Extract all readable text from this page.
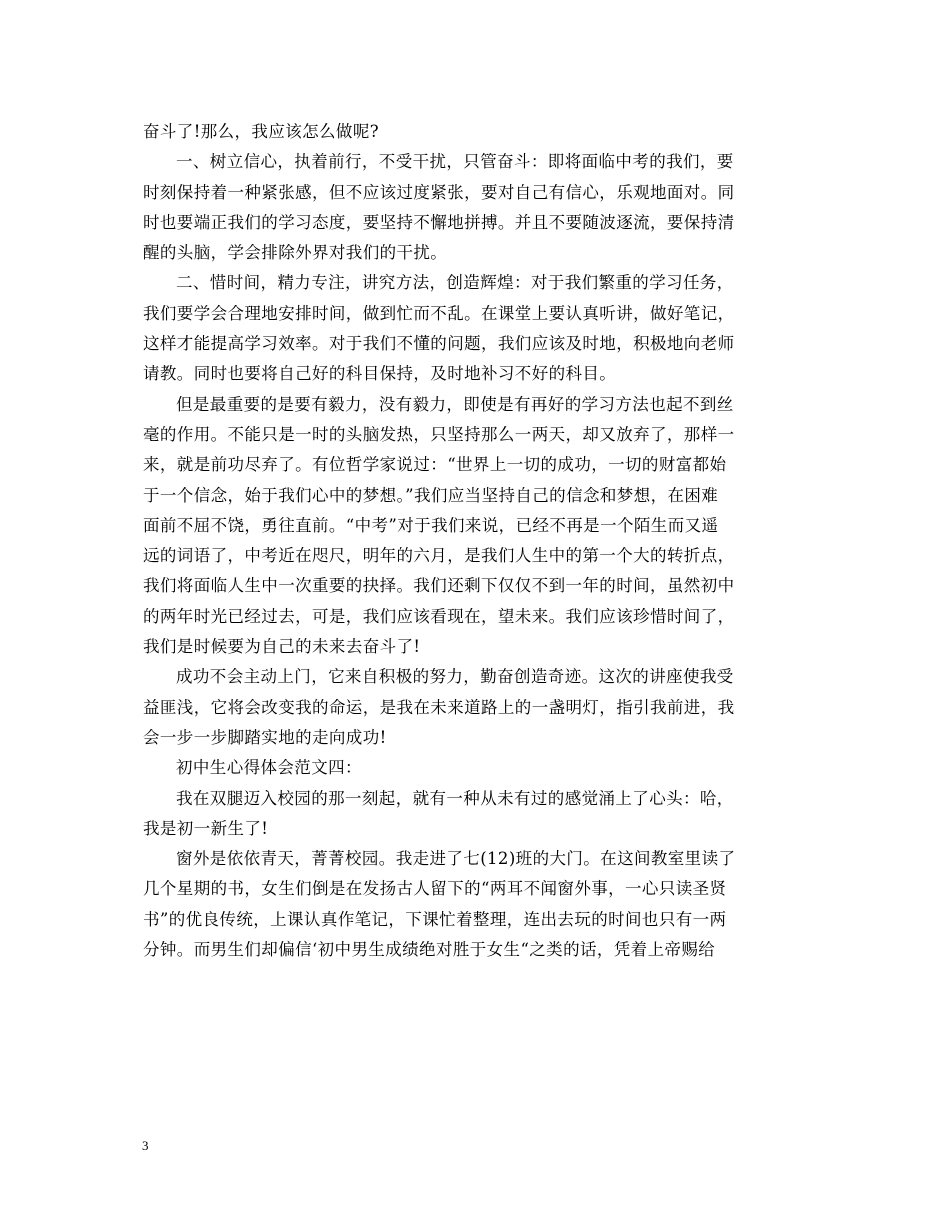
奋斗了!那么，我应该怎么做呢?
一、树立信心，执着前行，不受干扰，只管奋斗：即将面临中考的我们，要
时刻保持着一种紧张感，但不应该过度紧张，要对自己有信心，乐观地面对。同
时也要端正我们的学习态度，要坚持不懈地拼搏。并且不要随波逐流，要保持清
醒的头脑，学会排除外界对我们的干扰。
二、惜时间，精力专注，讲究方法，创造辉煌：对于我们繁重的学习任务，
我们要学会合理地安排时间，做到忙而不乱。在课堂上要认真听讲，做好笔记，
这样才能提高学习效率。对于我们不懂的问题，我们应该及时地，积极地向老师
请教。同时也要将自己好的科目保持，及时地补习不好的科目。
但是最重要的是要有毅力，没有毅力，即使是有再好的学习方法也起不到丝
毫的作用。不能只是一时的头脑发热，只坚持那么一两天，却又放弃了，那样一
来，就是前功尽弃了。有位哲学家说过：“世界上一切的成功，一切的财富都始
于一个信念，始于我们心中的梦想。”我们应当坚持自己的信念和梦想，在困难
面前不屈不饶，勇往直前。“中考”对于我们来说，已经不再是一个陌生而又遥
远的词语了，中考近在咫尺，明年的六月，是我们人生中的第一个大的转折点，
我们将面临人生中一次重要的抉择。我们还剩下仅仅不到一年的时间，虽然初中
的两年时光已经过去，可是，我们应该看现在，望未来。我们应该珍惜时间了，
我们是时候要为自己的未来去奋斗了!
成功不会主动上门，它来自积极的努力，勤奋创造奇迹。这次的讲座使我受
益匪浅，它将会改变我的命运，是我在未来道路上的一盏明灯，指引我前进，我
会一步一步脚踏实地的走向成功!
初中生心得体会范文四：
我在双腿迈入校园的那一刻起，就有一种从未有过的感觉涌上了心头：哈，
我是初一新生了!
窗外是依依青天，菁菁校园。我走进了七(12)班的大门。在这间教室里读了
几个星期的书，女生们倒是在发扬古人留下的“两耳不闻窗外事，一心只读圣贤
书”的优良传统，上课认真作笔记，下课忙着整理，连出去玩的时间也只有一两
分钟。而男生们却偏信‘初中男生成绩绝对胜于女生“之类的话，凭着上帝赐给
3
